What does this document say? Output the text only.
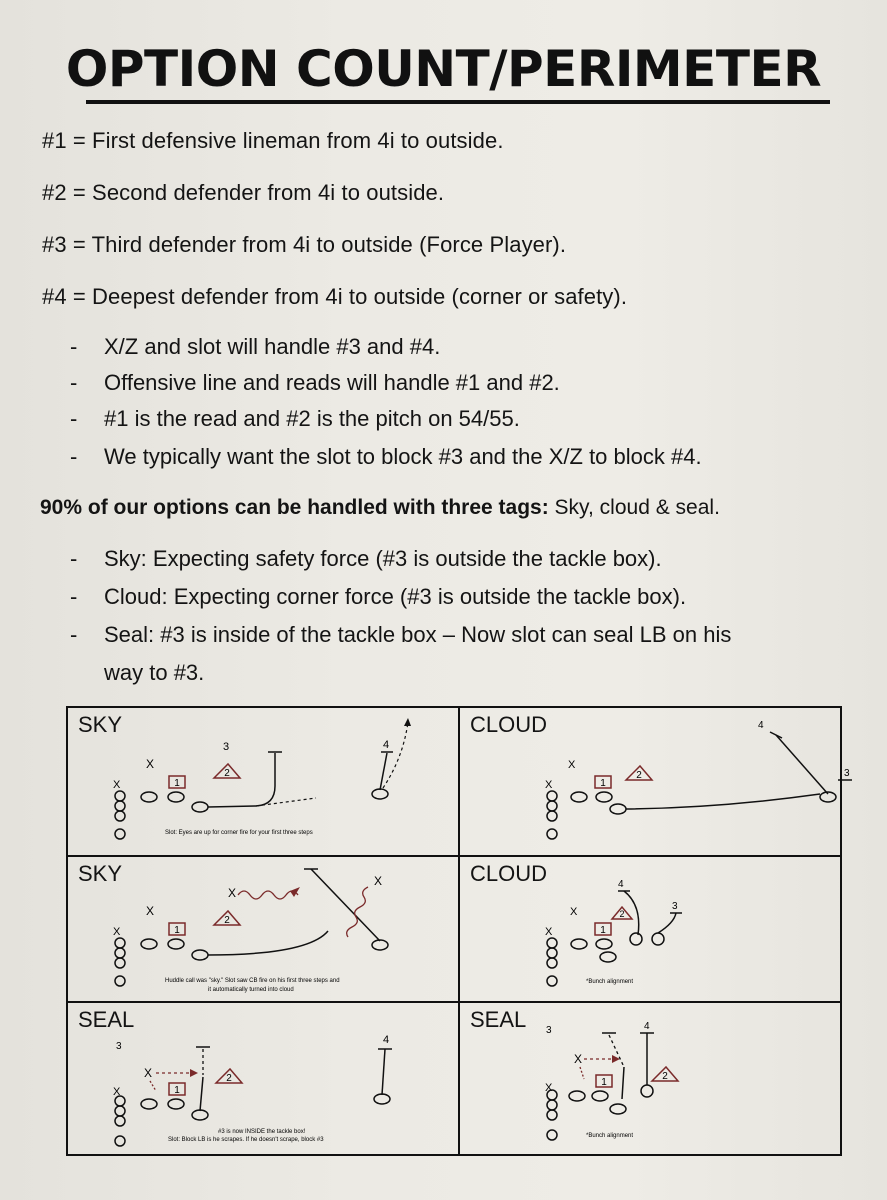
OPTION COUNT/PERIMETER
#1 = First defensive lineman from 4i to outside.
#2 = Second defender from 4i to outside.
#3 = Third defender from 4i to outside (Force Player).
#4 = Deepest defender from 4i to outside (corner or safety).
-	X/Z and slot will handle #3 and #4.
-	Offensive line and reads will handle #1 and #2.
-	#1 is the read and #2 is the pitch on 54/55.
-	We typically want the slot to block #3 and the X/Z to block #4.
90% of our options can be handled with three tags: Sky, cloud & seal.
-	Sky: Expecting safety force (#3 is outside the tackle box).
-	Cloud: Expecting corner force (#3 is outside the tackle box).
-	Seal: #3 is inside of the tackle box – Now slot can seal LB on his
way to #3.
X
X
3
1
2
4
Slot: Eyes are up for corner fire for your first three steps
SKY
X
X
1
2
4
3
CLOUD
X
X
X
1
2
X
Huddle call was "sky." Slot saw CB fire on his first three steps and
it automatically turned into cloud
SKY
X
X
1
2
4
3
*Bunch alignment
CLOUD
3
X
X
1
2
4
#3 is now INSIDE the tackle box!
Slot: Block LB is he scrapes. If he doesn't scrape, block #3
SEAL	3
X
X
1
4
2
*Bunch alignment
SEAL
